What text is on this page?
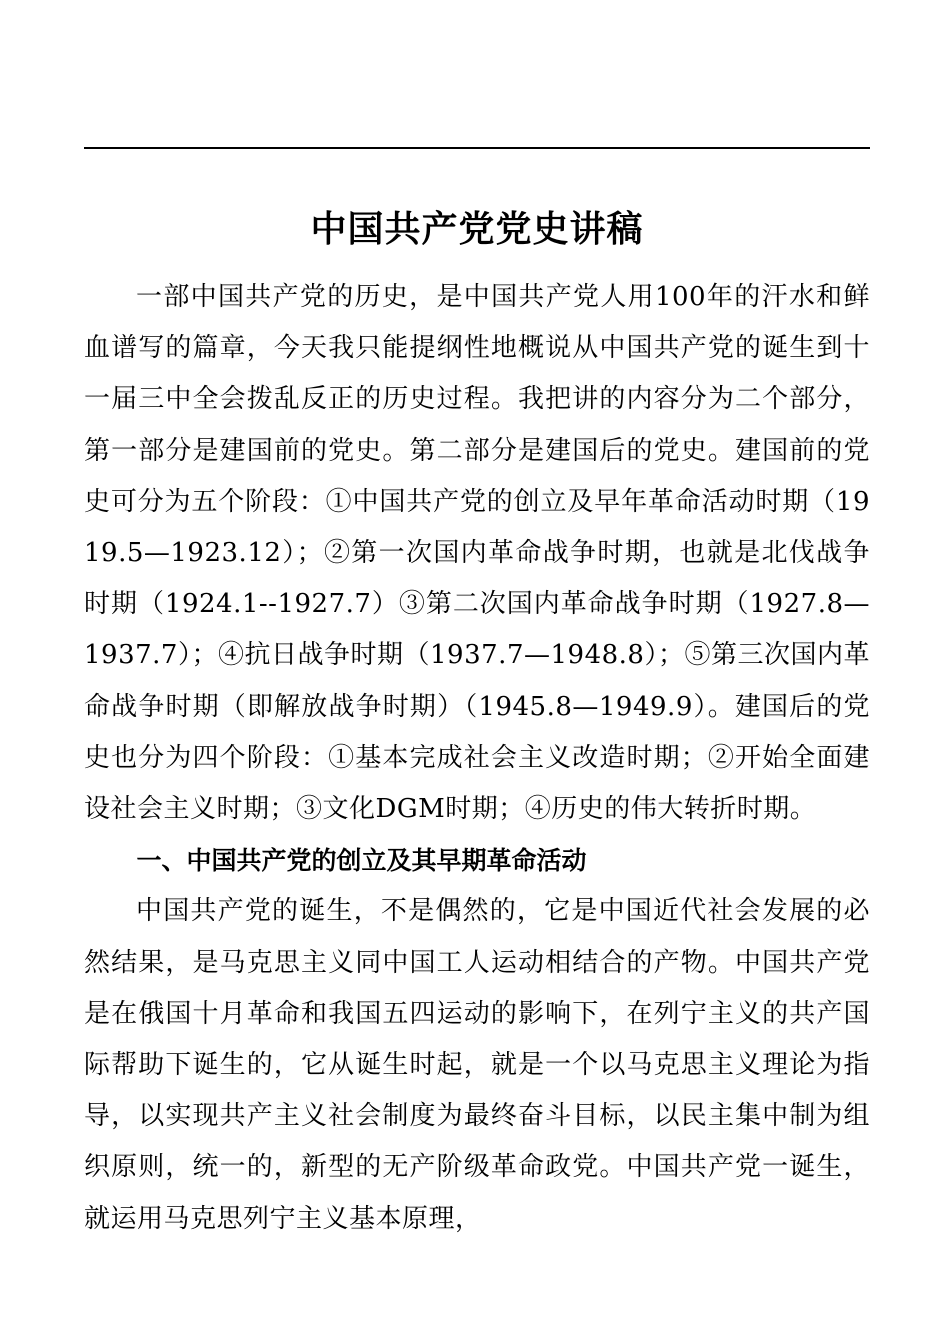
中国共产党党史讲稿

一部中国共产党的历史，是中国共产党人用100年的汗水和鲜血谱写的篇章，今天我只能提纲性地概说从中国共产党的诞生到十一届三中全会拨乱反正的历史过程。我把讲的内容分为二个部分，第一部分是建国前的党史。第二部分是建国后的党史。建国前的党史可分为五个阶段：①中国共产党的创立及早年革命活动时期（1919.5—1923.12）；②第一次国内革命战争时期，也就是北伐战争时期（1924.1--1927.7）③第二次国内革命战争时期（1927.8—1937.7）；④抗日战争时期（1937.7—1948.8）；⑤第三次国内革命战争时期（即解放战争时期）（1945.8—1949.9）。建国后的党史也分为四个阶段：①基本完成社会主义改造时期；②开始全面建设社会主义时期；③文化DGM时期；④历史的伟大转折时期。

一、中国共产党的创立及其早期革命活动

中国共产党的诞生，不是偶然的，它是中国近代社会发展的必然结果，是马克思主义同中国工人运动相结合的产物。中国共产党是在俄国十月革命和我国五四运动的影响下，在列宁主义的共产国际帮助下诞生的，它从诞生时起，就是一个以马克思主义理论为指导，以实现共产主义社会制度为最终奋斗目标，以民主集中制为组织原则，统一的，新型的无产阶级革命政党。中国共产党一诞生，就运用马克思列宁主义基本原理，
